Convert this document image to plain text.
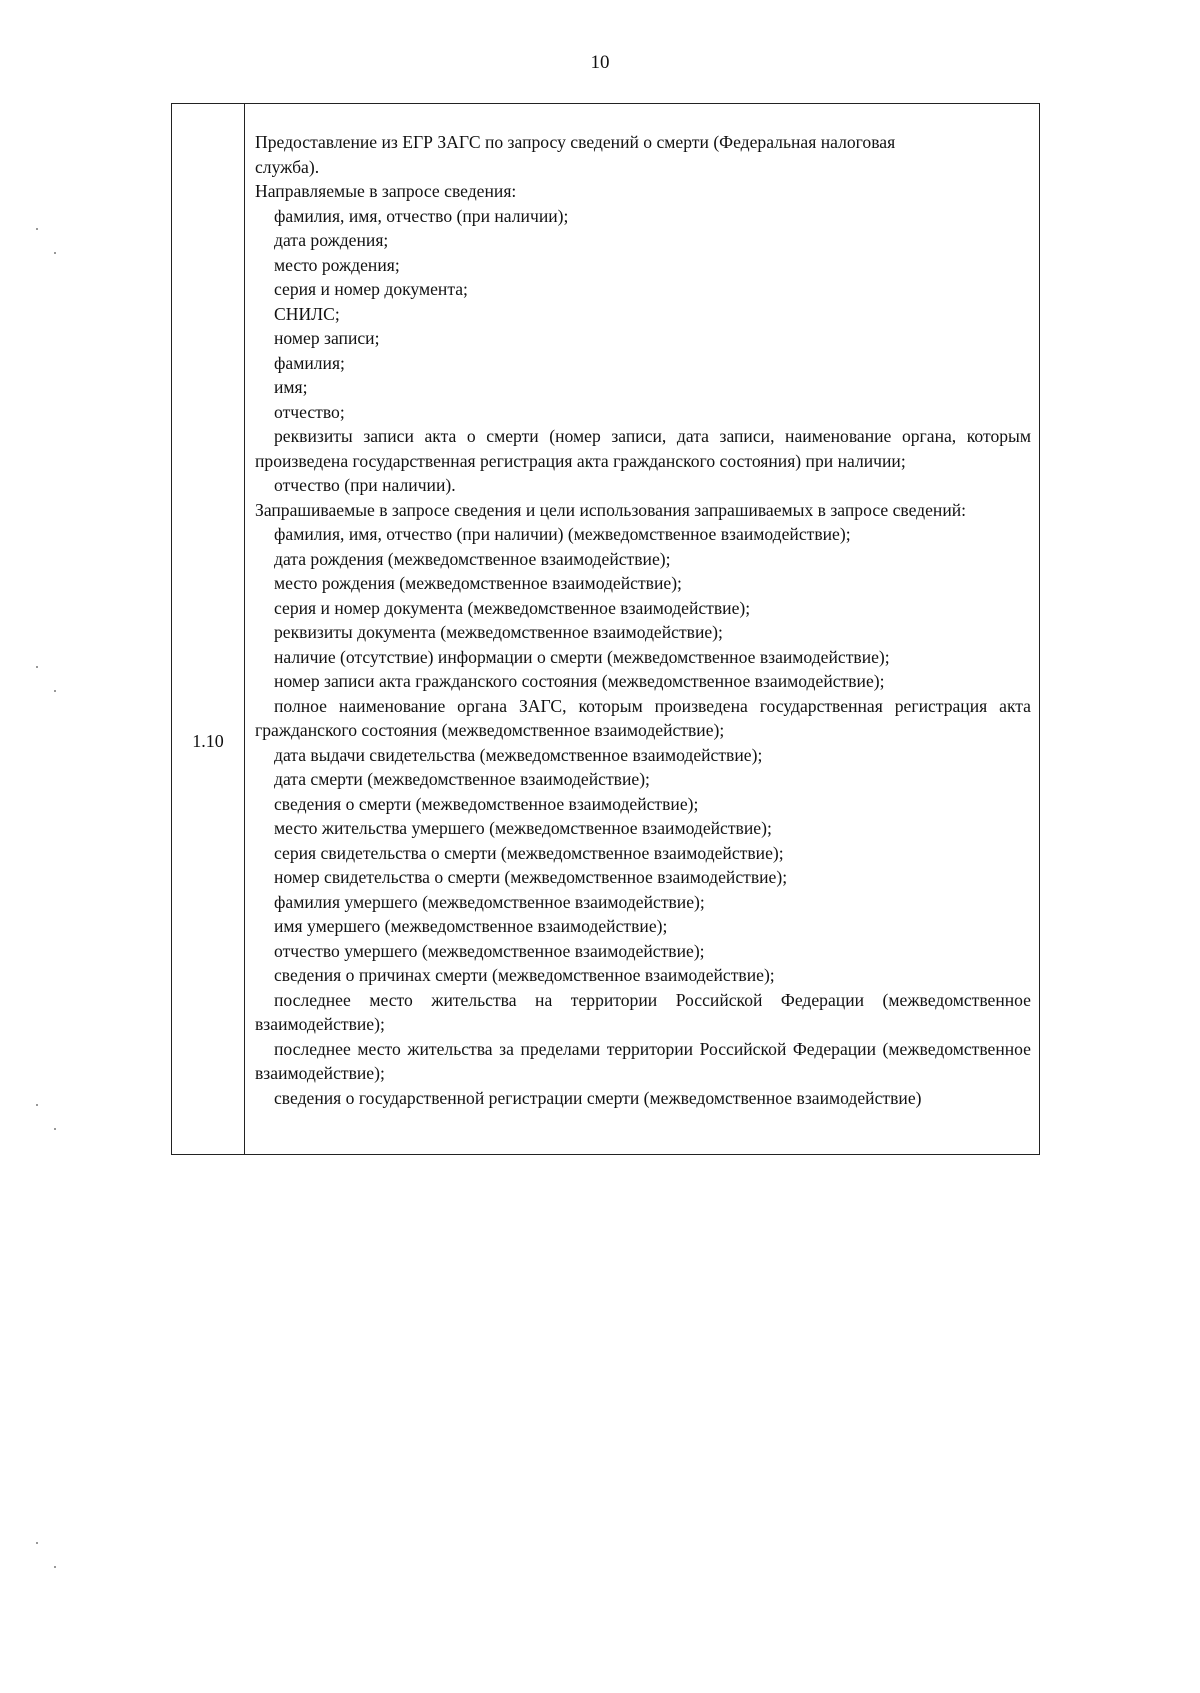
10
1.10

Предоставление из ЕГР ЗАГС по запросу сведений о смерти (Федеральная налоговая

служба).

Направляемые в запросе сведения:

фамилия, имя, отчество (при наличии);

дата рождения;

место рождения;

серия и номер документа;

СНИЛС;

номер записи;

фамилия;

имя;

отчество;

реквизиты записи акта о смерти (номер записи, дата записи, наименование органа, которым произведена государственная регистрация акта гражданского состояния) при наличии;

отчество (при наличии).

Запрашиваемые в запросе сведения и цели использования запрашиваемых в запросе сведений:

фамилия, имя, отчество (при наличии) (межведомственное взаимодействие);

дата рождения (межведомственное взаимодействие);

место рождения (межведомственное взаимодействие);

серия и номер документа (межведомственное взаимодействие);

реквизиты документа (межведомственное взаимодействие);

наличие (отсутствие) информации о смерти (межведомственное взаимодействие);

номер записи акта гражданского состояния (межведомственное взаимодействие);

полное наименование органа ЗАГС, которым произведена государственная регистрация акта гражданского состояния (межведомственное взаимодействие);

дата выдачи свидетельства (межведомственное взаимодействие);

дата смерти (межведомственное взаимодействие);

сведения о смерти (межведомственное взаимодействие);

место жительства умершего (межведомственное взаимодействие);

серия свидетельства о смерти (межведомственное взаимодействие);

номер свидетельства о смерти (межведомственное взаимодействие);

фамилия умершего (межведомственное взаимодействие);

имя умершего (межведомственное взаимодействие);

отчество умершего (межведомственное взаимодействие);

сведения о причинах смерти (межведомственное взаимодействие);

последнее место жительства на территории Российской Федерации (межведомственное взаимодействие);

последнее место жительства за пределами территории Российской Федерации (межведомственное взаимодействие);

сведения о государственной регистрации смерти (межведомственное взаимодействие)
